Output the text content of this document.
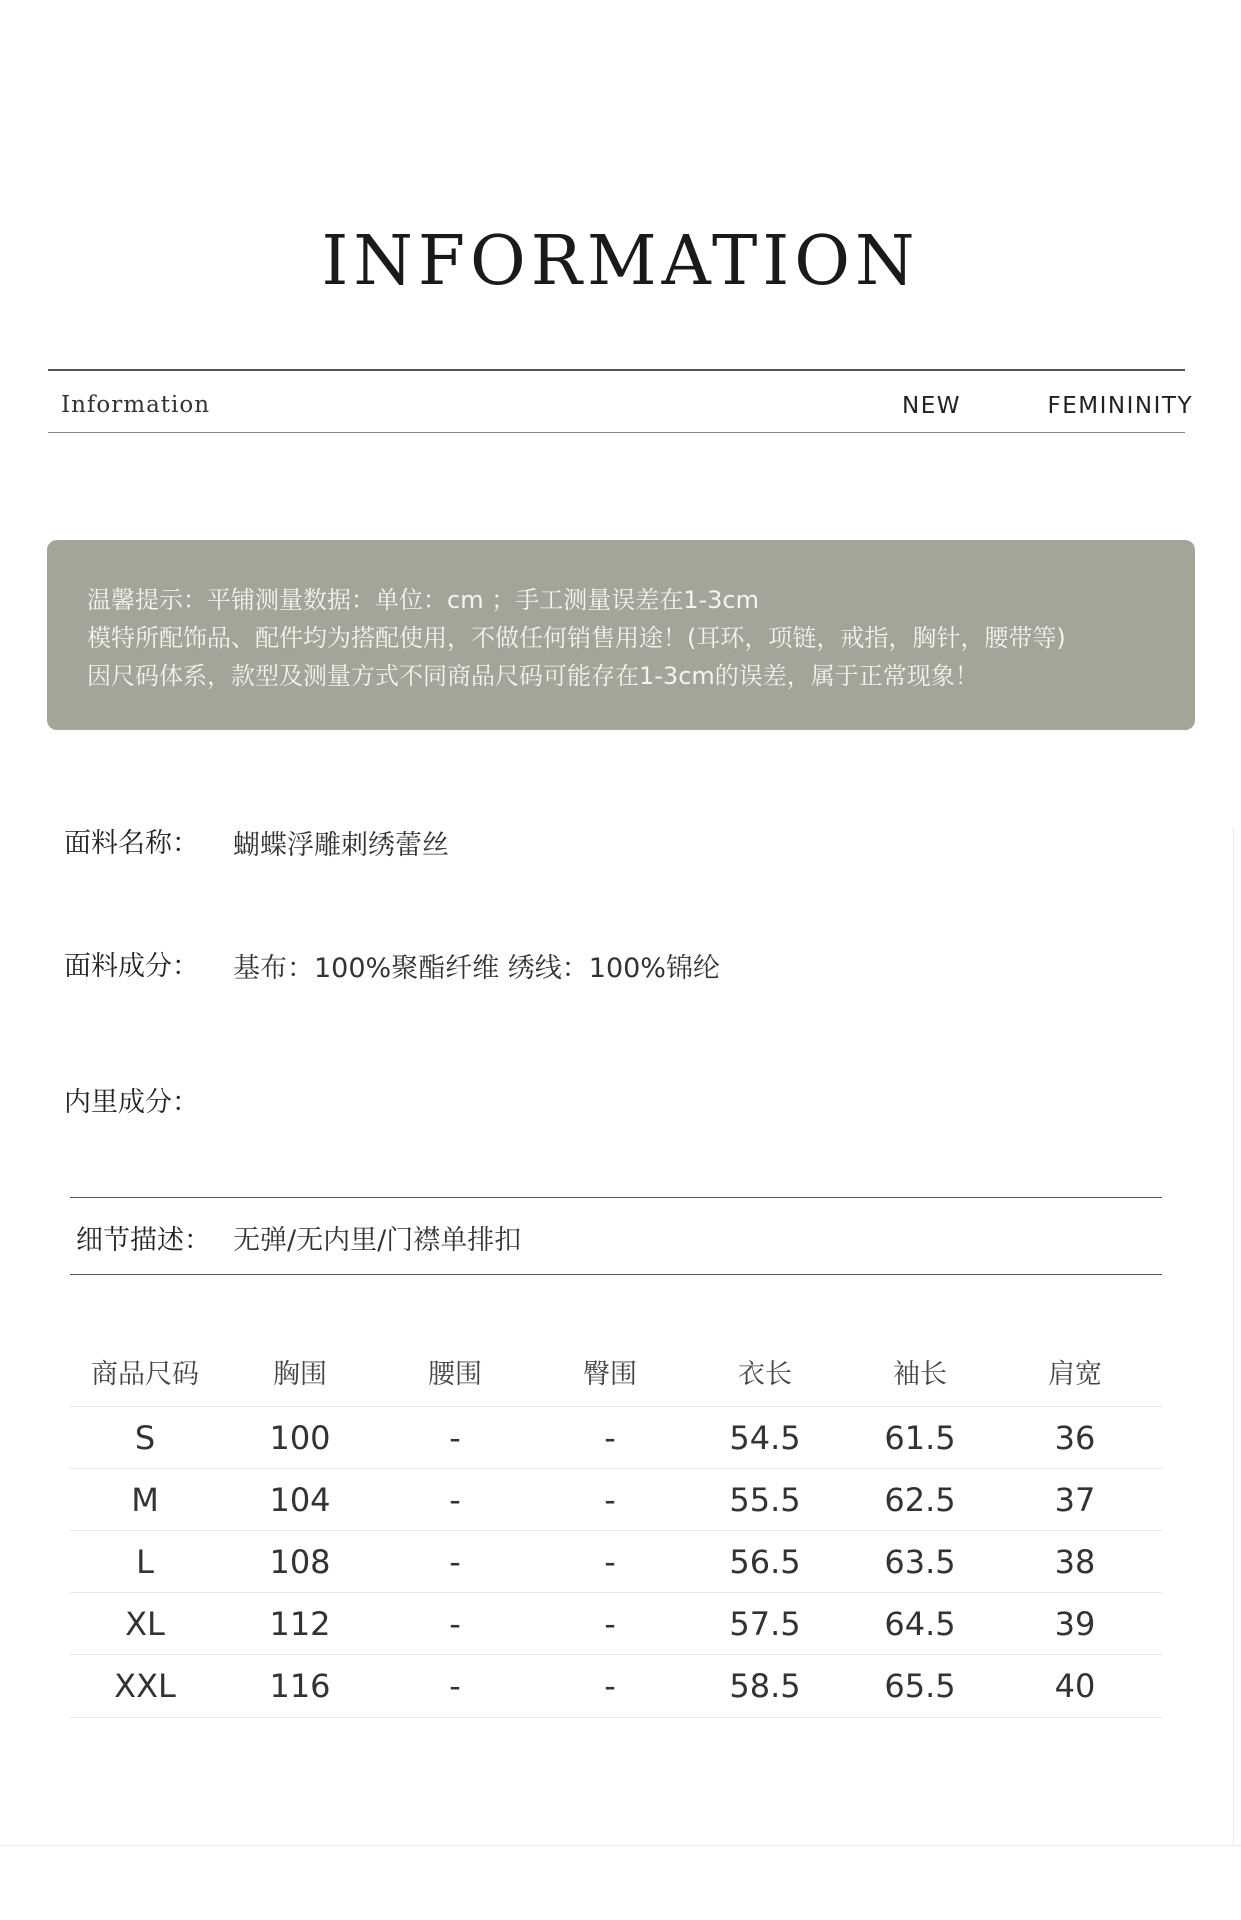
INFORMATION
Information	NEW	FEMININITY
温馨提示：平铺测量数据：单位：cm ；手工测量误差在1-3cm
模特所配饰品、配件均为搭配使用，不做任何销售用途！(耳环，项链，戒指，胸针，腰带等)
因尺码体系，款型及测量方式不同商品尺码可能存在1-3cm的误差，属于正常现象！
面料名称： 蝴蝶浮雕刺绣蕾丝
面料成分： 基布：100%聚酯纤维 绣线：100%锦纶
内里成分：
细节描述： 无弹/无内里/门襟单排扣
商品尺码	胸围	腰围	臀围	衣长	袖长	肩宽
S	100	-	-	54.5	61.5	36
M	104	-	-	55.5	62.5	37
L	108	-	-	56.5	63.5	38
XL	112	-	-	57.5	64.5	39
XXL	116	-	-	58.5	65.5	40
